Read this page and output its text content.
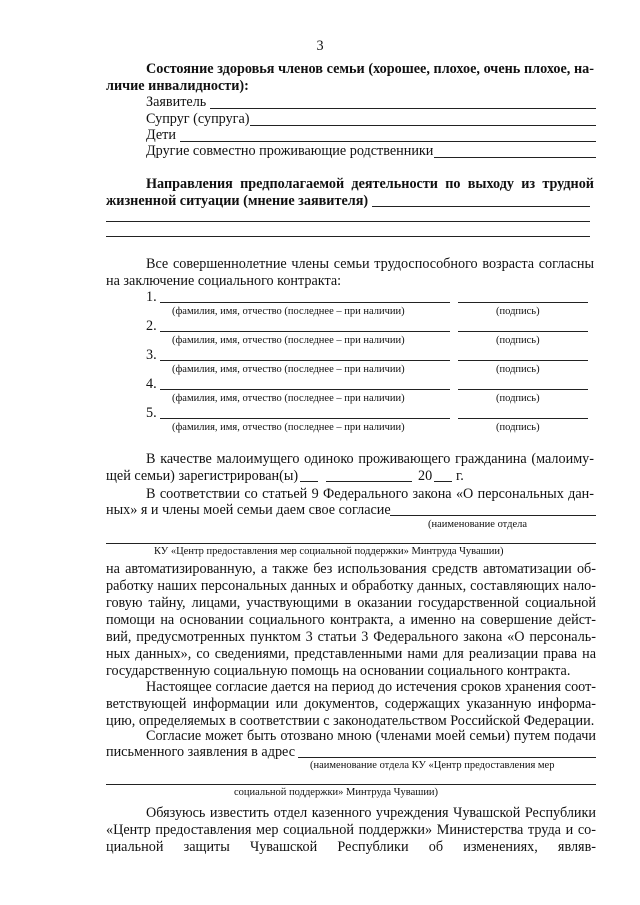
3
Состояние здоровья членов семьи (хорошее, плохое, очень плохое, на-
личие инвалидности):
Заявитель
Супруг (супруга)
Дети
Другие совместно проживающие родственники
Направления предполагаемой деятельности по выходу из трудной
жизненной ситуации (мнение заявителя)
Все совершеннолетние члены семьи трудоспособного возраста согласны
на заключение социального контракта:
1.
(фамилия, имя, отчество (последнее – при наличии)	(подпись)
2.
(фамилия, имя, отчество (последнее – при наличии)	(подпись)
3.
(фамилия, имя, отчество (последнее – при наличии)	(подпись)
4.
(фамилия, имя, отчество (последнее – при наличии)	(подпись)
5.
(фамилия, имя, отчество (последнее – при наличии)	(подпись)
В качестве малоимущего одиноко проживающего гражданина (малоиму-
щей семьи) зарегистрирован(ы)	20 г.
В соответствии со статьей 9 Федерального закона «О персональных дан-
ных» я и члены моей семьи даем свое согласие
(наименование отдела
КУ «Центр предоставления мер социальной поддержки» Минтруда Чувашии)
на автоматизированную, а также без использования средств автоматизации об-
работку наших персональных данных и обработку данных, составляющих нало-
говую тайну, лицами, участвующими в оказании государственной социальной
помощи на основании социального контракта, а именно на совершение дейст-
вий, предусмотренных пунктом 3 статьи 3 Федерального закона «О персональ-
ных данных», со сведениями, представленными нами для реализации права на
государственную социальную помощь на основании социального контракта.
Настоящее согласие дается на период до истечения сроков хранения соот-
ветствующей информации или документов, содержащих указанную информа-
цию, определяемых в соответствии с законодательством Российской Федерации.
Согласие может быть отозвано мною (членами моей семьи) путем подачи
письменного заявления в адрес
(наименование отдела КУ «Центр предоставления мер
социальной поддержки» Минтруда Чувашии)
Обязуюсь известить отдел казенного учреждения Чувашской Республики
«Центр предоставления мер социальной поддержки» Министерства труда и со-
циальной защиты Чувашской Республики об изменениях, являв-
